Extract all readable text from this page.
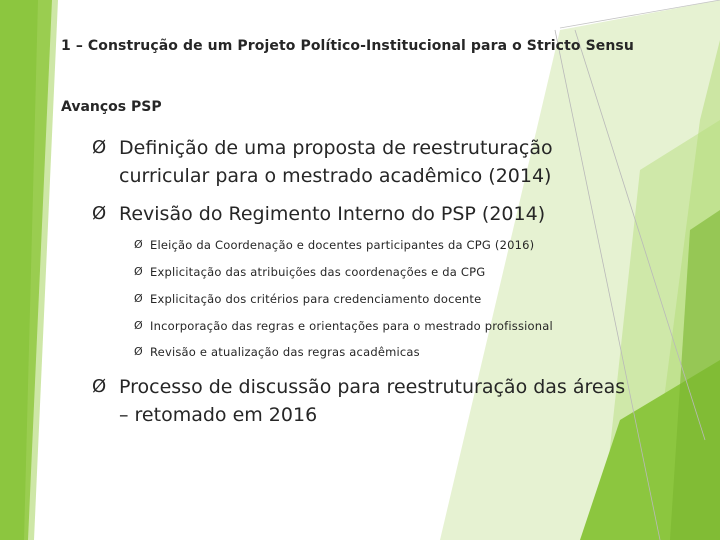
1 – Construção de um Projeto Político-Institucional para o Stricto Sensu
Avanços PSP
Ø Definição de uma proposta de reestruturação
curricular para o mestrado acadêmico (2014)
Ø Revisão do Regimento Interno do PSP (2014)
Ø Eleição da Coordenação e docentes participantes da CPG (2016)
Ø Explicitação das atribuições das coordenações e da CPG
Ø Explicitação dos critérios para credenciamento docente
Ø Incorporação das regras e orientações para o mestrado profissional
Ø Revisão e atualização das regras acadêmicas
Ø Processo de discussão para reestruturação das áreas
– retomado em 2016
